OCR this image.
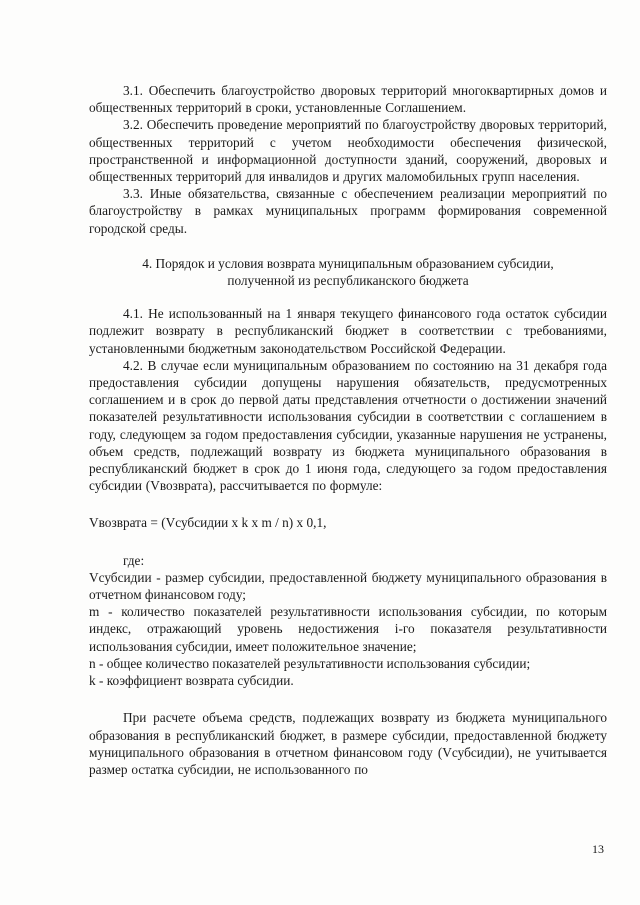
3.1. Обеспечить благоустройство дворовых территорий многоквартирных домов и общественных территорий в сроки, установленные Соглашением.

3.2. Обеспечить проведение мероприятий по благоустройству дворовых территорий, общественных территорий с учетом необходимости обеспечения физической, пространственной и информационной доступности зданий, сооружений, дворовых и общественных территорий для инвалидов и других маломобильных групп населения.

3.3. Иные обязательства, связанные с обеспечением реализации мероприятий по благоустройству в рамках муниципальных программ формирования современной городской среды.

4. Порядок и условия возврата муниципальным образованием субсидии,
полученной из республиканского бюджета

4.1. Не использованный на 1 января текущего финансового года остаток субсидии подлежит возврату в республиканский бюджет в соответствии с требованиями, установленными бюджетным законодательством Российской Федерации.

4.2. В случае если муниципальным образованием по состоянию на 31 декабря года предоставления субсидии допущены нарушения обязательств, предусмотренных соглашением и в срок до первой даты представления отчетности о достижении значений показателей результативности использования субсидии в соответствии с соглашением в году, следующем за годом предоставления субсидии, указанные нарушения не устранены, объем средств, подлежащий возврату из бюджета муниципального образования в республиканский бюджет в срок до 1 июня года, следующего за годом предоставления субсидии (Vвозврата), рассчитывается по формуле:

Vвозврата = (Vсубсидии x k x m / n) x 0,1,

где:

Vсубсидии - размер субсидии, предоставленной бюджету муниципального образования в отчетном финансовом году;

m - количество показателей результативности использования субсидии, по которым индекс, отражающий уровень недостижения i-го показателя результативности использования субсидии, имеет положительное значение;

n - общее количество показателей результативности использования субсидии;

k - коэффициент возврата субсидии.

При расчете объема средств, подлежащих возврату из бюджета муниципального образования в республиканский бюджет, в размере субсидии, предоставленной бюджету муниципального образования в отчетном финансовом году (Vсубсидии), не учитывается размер остатка субсидии, не использованного по

13
